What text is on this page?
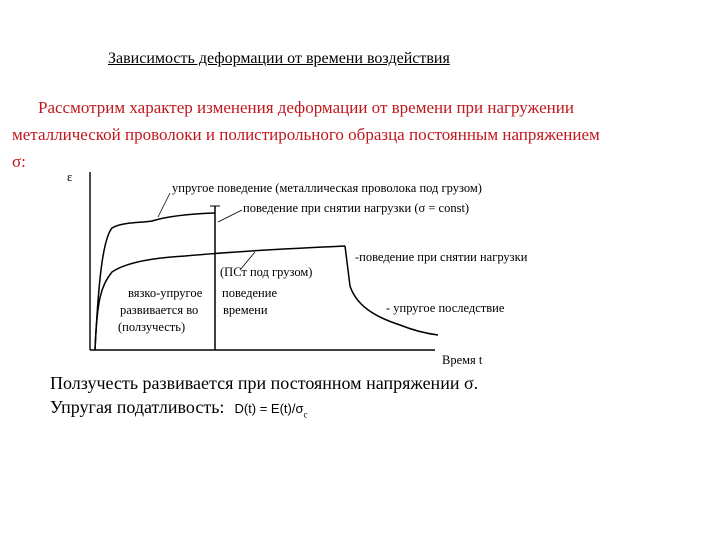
Зависимость деформации от времени воздействия
Рассмотрим характер изменения деформации от времени при нагружении металлической проволоки и полистирольного образца постоянным напряжением σ:
ε
Время t
упругое поведение (металлическая проволока под грузом)
поведение при снятии нагрузки (σ = const)
(ПСт под грузом)
-поведение при снятии нагрузки
вязко-упругое поведение
развивается во времени
(ползучесть)
- упругое последствие
Ползучесть развивается при постоянном напряжении σ.
Упругая податливость: $D(t) = E(t)/\sigma_c$
